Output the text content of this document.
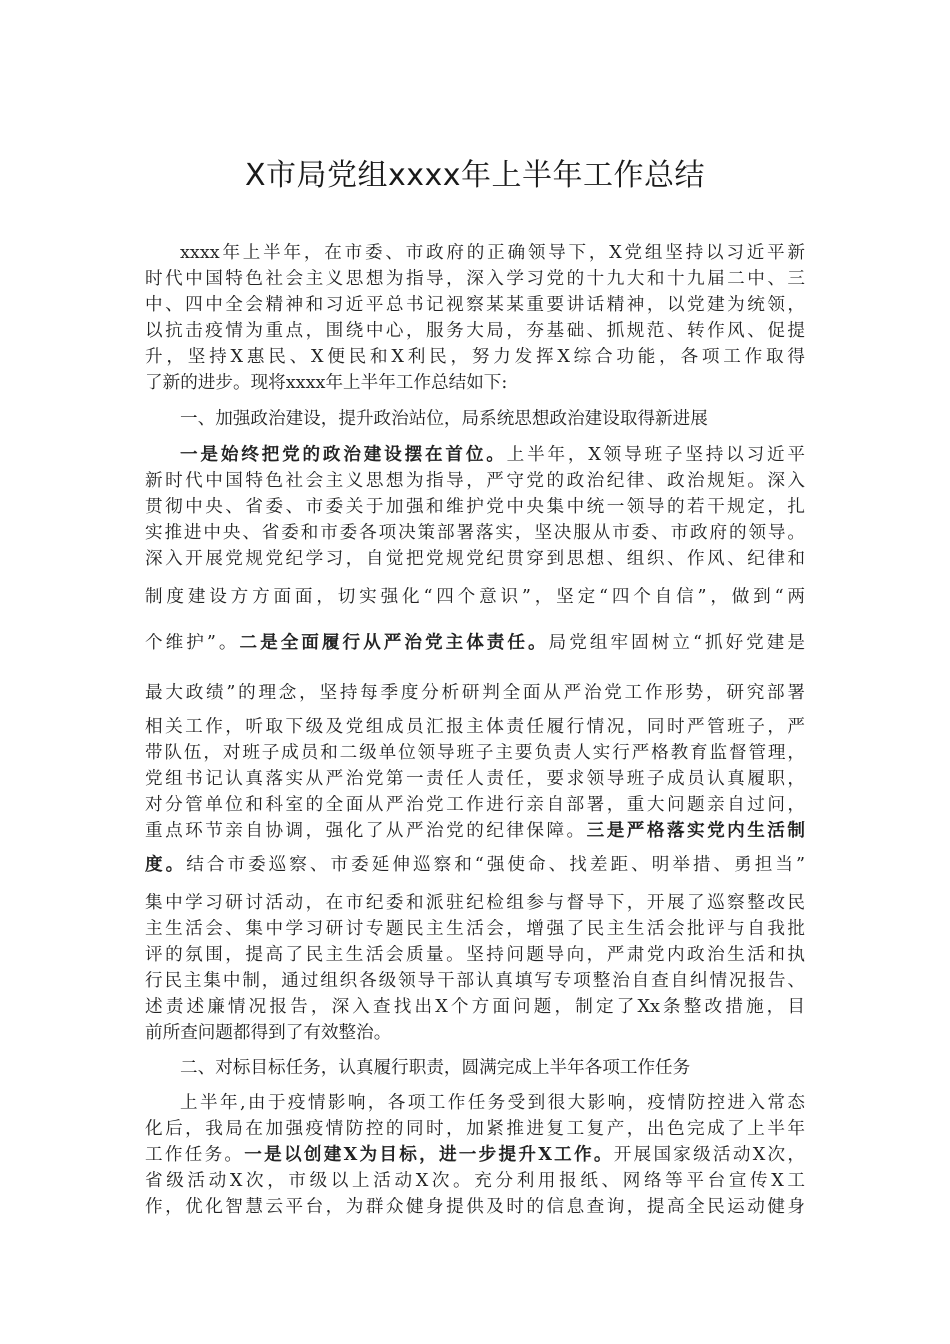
X市局党组xxxx年上半年工作总结
xxxx年上半年，在市委、市政府的正确领导下，X党组坚持以习近平新
时代中国特色社会主义思想为指导，深入学习党的十九大和十九届二中、三
中、四中全会精神和习近平总书记视察某某重要讲话精神，以党建为统领，
以抗击疫情为重点，围绕中心，服务大局，夯基础、抓规范、转作风、促提
升，坚持X惠民、X便民和X利民，努力发挥X综合功能，各项工作取得
了新的进步。现将xxxx年上半年工作总结如下:
一、加强政治建设，提升政治站位，局系统思想政治建设取得新进展
一是始终把党的政治建设摆在首位。上半年，X领导班子坚持以习近平
新时代中国特色社会主义思想为指导，严守党的政治纪律、政治规矩。深入
贯彻中央、省委、市委关于加强和维护党中央集中统一领导的若干规定，扎
实推进中央、省委和市委各项决策部署落实，坚决服从市委、市政府的领导。
深入开展党规党纪学习，自觉把党规党纪贯穿到思想、组织、作风、纪律和
制度建设方方面面，切实强化“四个意识”，坚定“四个自信”，做到“两
个维护”。二是全面履行从严治党主体责任。局党组牢固树立“抓好党建是
最大政绩”的理念，坚持每季度分析研判全面从严治党工作形势，研究部署
相关工作，听取下级及党组成员汇报主体责任履行情况，同时严管班子，严
带队伍，对班子成员和二级单位领导班子主要负责人实行严格教育监督管理，
党组书记认真落实从严治党第一责任人责任，要求领导班子成员认真履职，
对分管单位和科室的全面从严治党工作进行亲自部署，重大问题亲自过问，
重点环节亲自协调，强化了从严治党的纪律保障。三是严格落实党内生活制
度。结合市委巡察、市委延伸巡察和“强使命、找差距、明举措、勇担当”
集中学习研讨活动，在市纪委和派驻纪检组参与督导下，开展了巡察整改民
主生活会、集中学习研讨专题民主生活会，增强了民主生活会批评与自我批
评的氛围，提高了民主生活会质量。坚持问题导向，严肃党内政治生活和执
行民主集中制，通过组织各级领导干部认真填写专项整治自查自纠情况报告、
述责述廉情况报告，深入查找出X个方面问题，制定了Xx条整改措施，目
前所查问题都得到了有效整治。
二、对标目标任务，认真履行职责，圆满完成上半年各项工作任务
上半年,由于疫情影响，各项工作任务受到很大影响，疫情防控进入常态
化后，我局在加强疫情防控的同时，加紧推进复工复产，出色完成了上半年
工作任务。一是以创建X为目标，进一步提升X工作。开展国家级活动X次，
省级活动X次，市级以上活动X次。充分利用报纸、网络等平台宣传X工
作，优化智慧云平台，为群众健身提供及时的信息查询，提高全民运动健身
